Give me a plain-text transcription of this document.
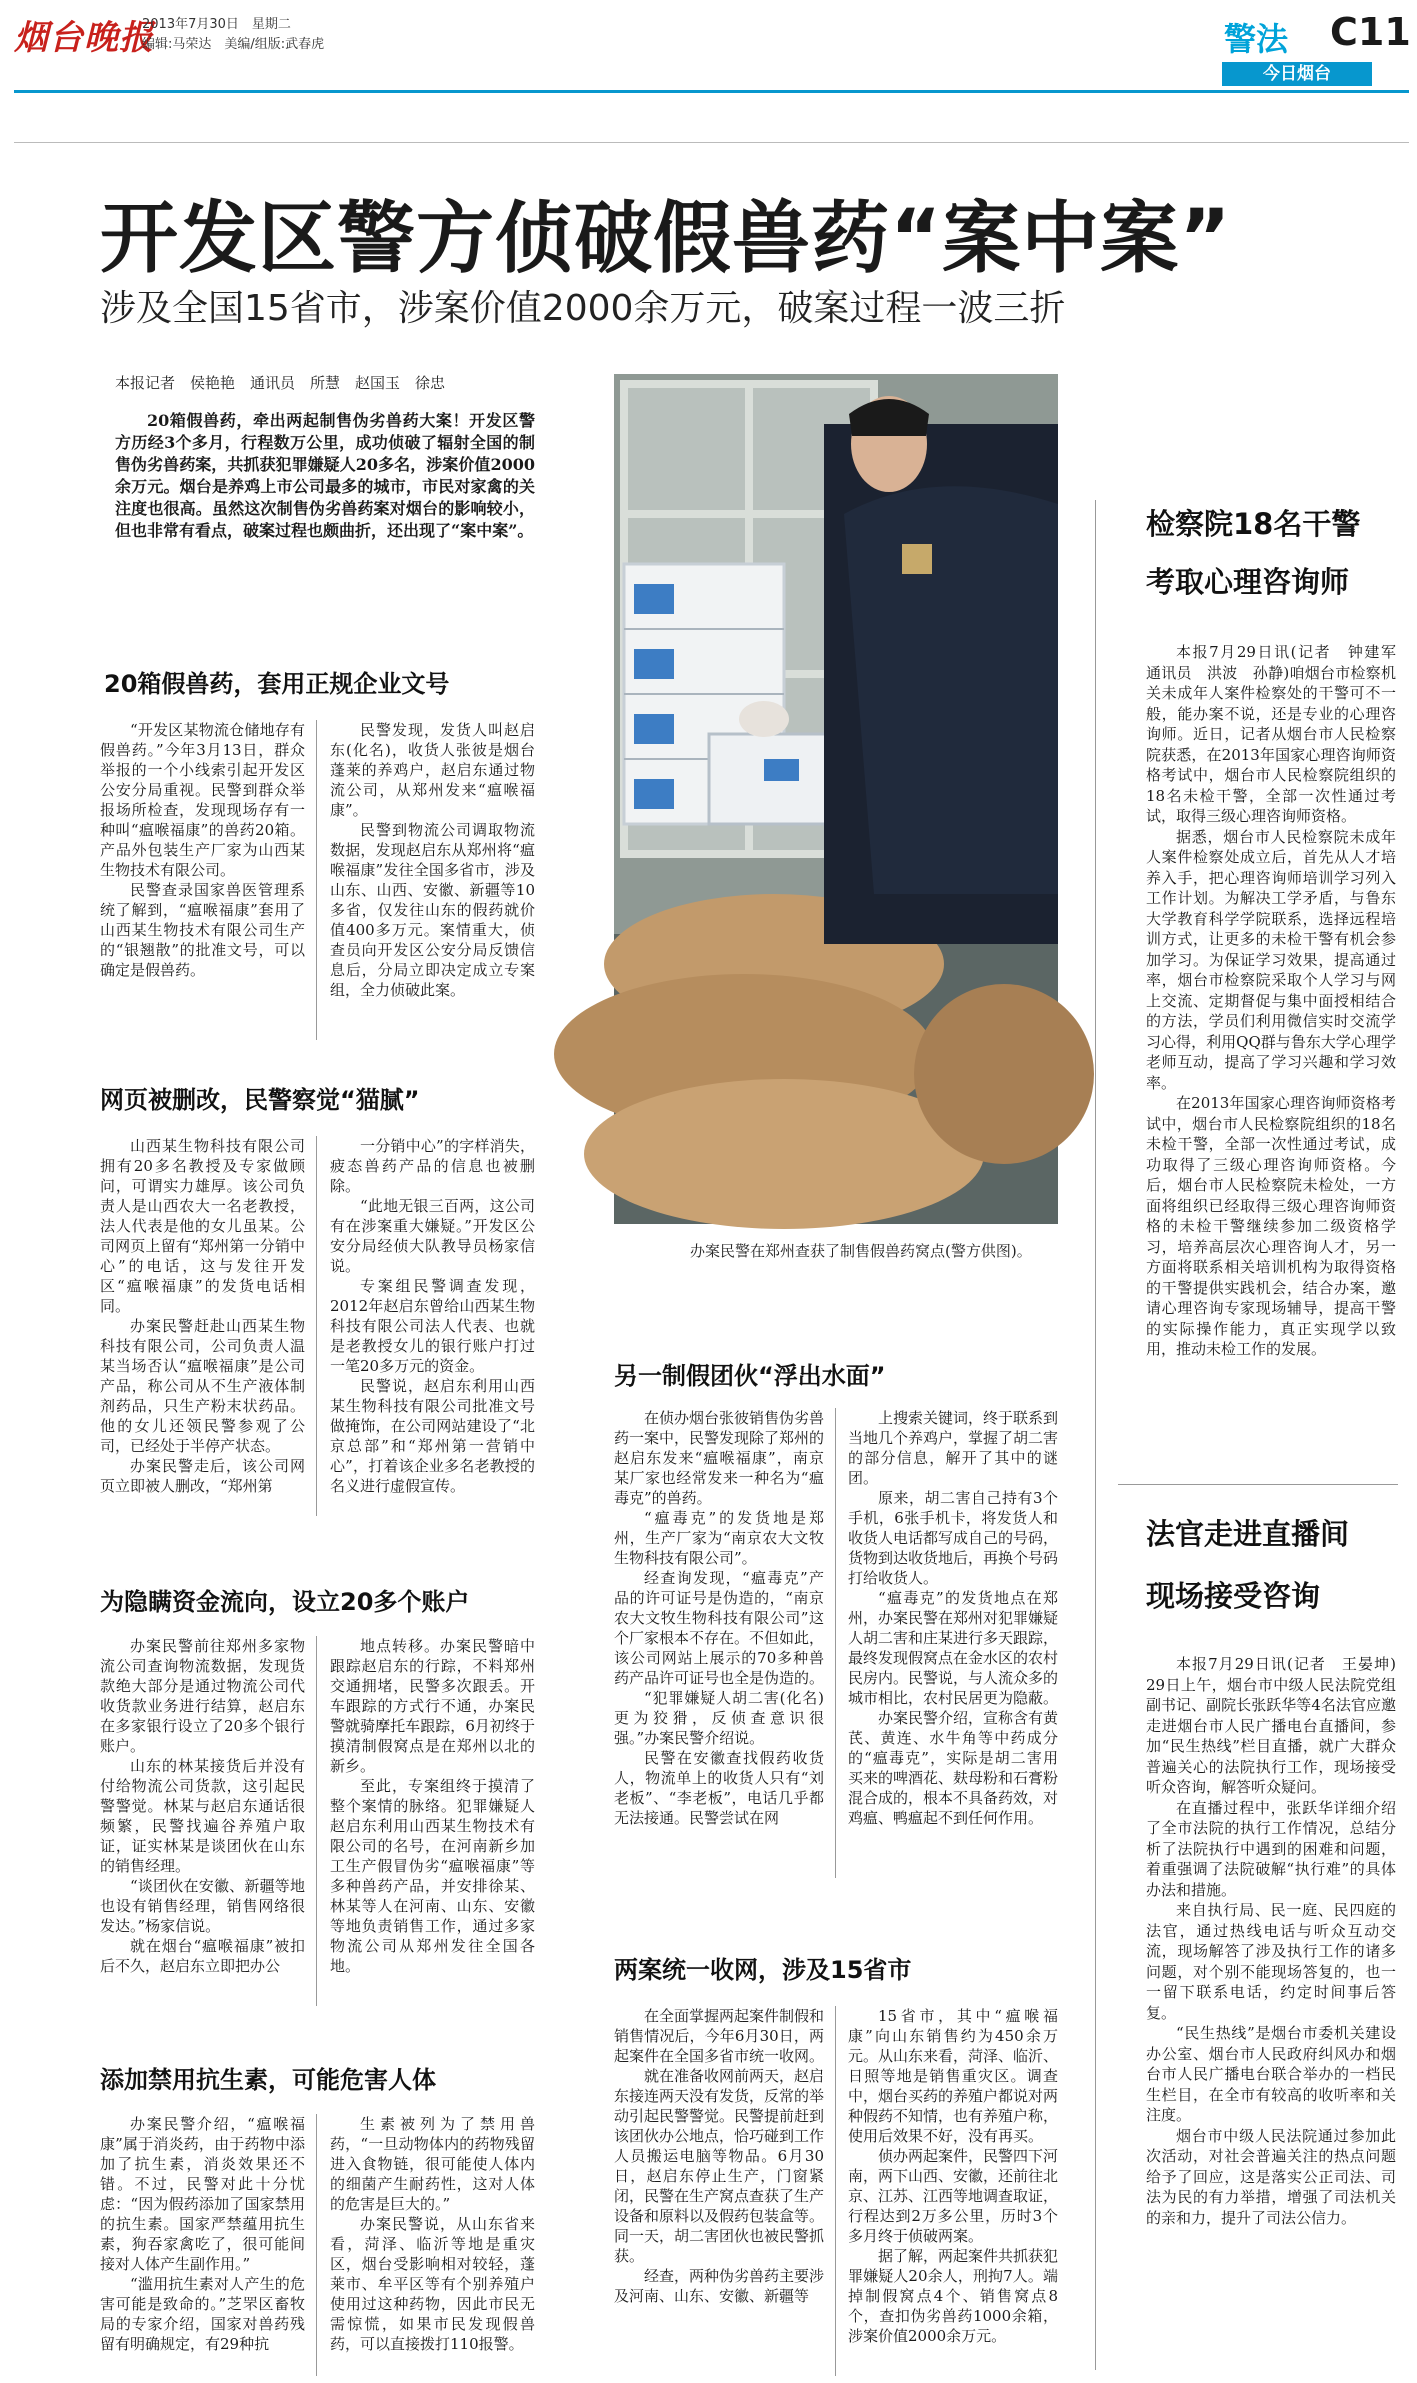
烟台晚报
2013年7月30日　星期二
编辑:马荣达　美编/组版:武春虎	警法 C11
今日烟台
开发区警方侦破假兽药“案中案”
涉及全国15省市，涉案价值2000余万元，破案过程一波三折
本报记者　侯艳艳　通讯员　所慧　赵国玉　徐忠
20箱假兽药，牵出两起制售伪劣兽药大案！开发区警方历经3个多月，行程数万公里，成功侦破了辐射全国的制售伪劣兽药案，共抓获犯罪嫌疑人20多名，涉案价值2000余万元。烟台是养鸡上市公司最多的城市，市民对家禽的关注度也很高。虽然这次制售伪劣兽药案对烟台的影响较小，但也非常有看点，破案过程也颇曲折，还出现了“案中案”。
办案民警在郑州查获了制售假兽药窝点(警方供图)。
20箱假兽药，套用正规企业文号

“开发区某物流仓储地存有假兽药。”今年3月13日，群众举报的一个小线索引起开发区公安分局重视。民警到群众举报场所检查，发现现场存有一种叫“瘟喉福康”的兽药20箱。产品外包装生产厂家为山西某生物技术有限公司。

民警查录国家兽医管理系统了解到，“瘟喉福康”套用了山西某生物技术有限公司生产的“银翘散”的批准文号，可以确定是假兽药。

民警发现，发货人叫赵启东(化名)，收货人张彼是烟台蓬莱的养鸡户，赵启东通过物流公司，从郑州发来“瘟喉福康”。

民警到物流公司调取物流数据，发现赵启东从郑州将“瘟喉福康”发往全国多省市，涉及山东、山西、安徽、新疆等10多省，仅发往山东的假药就价值400多万元。案情重大，侦查员向开发区公安分局反馈信息后，分局立即决定成立专案组，全力侦破此案。

网页被删改，民警察觉“猫腻”

山西某生物科技有限公司拥有20多名教授及专家做顾问，可谓实力雄厚。该公司负责人是山西农大一名老教授，法人代表是他的女儿虽某。公司网页上留有“郑州第一分销中心”的电话，这与发往开发区“瘟喉福康”的发货电话相同。

办案民警赶赴山西某生物科技有限公司，公司负责人温某当场否认“瘟喉福康”是公司产品，称公司从不生产液体制剂药品，只生产粉末状药品。他的女儿还领民警参观了公司，已经处于半停产状态。

办案民警走后，该公司网页立即被人删改，“郑州第

一分销中心”的字样消失，疲态兽药产品的信息也被删除。

“此地无银三百两，这公司有在涉案重大嫌疑。”开发区公安分局经侦大队教导员杨家信说。

专案组民警调查发现，2012年赵启东曾给山西某生物科技有限公司法人代表、也就是老教授女儿的银行账户打过一笔20多万元的资金。

民警说，赵启东利用山西某生物科技有限公司批准文号做掩饰，在公司网站建设了“北京总部”和“郑州第一营销中心”，打着该企业多名老教授的名义进行虚假宣传。

为隐瞒资金流向，设立20多个账户

办案民警前往郑州多家物流公司查询物流数据，发现货款绝大部分是通过物流公司代收货款业务进行结算，赵启东在多家银行设立了20多个银行账户。

山东的林某接货后并没有付给物流公司货款，这引起民警警觉。林某与赵启东通话很频繁，民警找遍谷养殖户取证，证实林某是谈团伙在山东的销售经理。

“谈团伙在安徽、新疆等地也设有销售经理，销售网络很发达。”杨家信说。

就在烟台“瘟喉福康”被扣后不久，赵启东立即把办公

地点转移。办案民警暗中跟踪赵启东的行踪，不料郑州交通拥堵，民警多次跟丢。开车跟踪的方式行不通，办案民警就骑摩托车跟踪，6月初终于摸清制假窝点是在郑州以北的新乡。

至此，专案组终于摸清了整个案情的脉络。犯罪嫌疑人赵启东利用山西某生物技术有限公司的名号，在河南新乡加工生产假冒伪劣“瘟喉福康”等多种兽药产品，并安排徐某、林某等人在河南、山东、安徽等地负责销售工作，通过多家物流公司从郑州发往全国各地。

添加禁用抗生素，可能危害人体

办案民警介绍，“瘟喉福康”属于消炎药，由于药物中添加了抗生素，消炎效果还不错。不过，民警对此十分忧虑：“因为假药添加了国家禁用的抗生素。国家严禁蕴用抗生素，狗吞家禽吃了，很可能间接对人体产生副作用。”

“滥用抗生素对人产生的危害可能是致命的。”芝罘区畜牧局的专家介绍，国家对兽药残留有明确规定，有29种抗

生素被列为了禁用兽药，“一旦动物体内的药物残留进入食物链，很可能使人体内的细菌产生耐药性，这对人体的危害是巨大的。”

办案民警说，从山东省来看，菏泽、临沂等地是重灾区，烟台受影响相对较轻，蓬莱市、牟平区等有个别养殖户使用过这种药物，因此市民无需惊慌，如果市民发现假兽药，可以直接拨打110报警。

另一制假团伙“浮出水面”

在侦办烟台张彼销售伪劣兽药一案中，民警发现除了郑州的赵启东发来“瘟喉福康”，南京某厂家也经常发来一种名为“瘟毒克”的兽药。

“瘟毒克”的发货地是郑州，生产厂家为“南京农大文牧生物科技有限公司”。

经查询发现，“瘟毒克”产品的许可证号是伪造的，“南京农大文牧生物科技有限公司”这个厂家根本不存在。不但如此，该公司网站上展示的70多种兽药产品许可证号也全是伪造的。

“犯罪嫌疑人胡二害(化名)更为狡猾，反侦查意识很强。”办案民警介绍说。

民警在安徽查找假药收货人，物流单上的收货人只有“刘老板”、“李老板”，电话几乎都无法接通。民警尝试在网

上搜索关键词，终于联系到当地几个养鸡户，掌握了胡二害的部分信息，解开了其中的谜团。

原来，胡二害自己持有3个手机，6张手机卡，将发货人和收货人电话都写成自己的号码，货物到达收货地后，再换个号码打给收货人。

“瘟毒克”的发货地点在郑州，办案民警在郑州对犯罪嫌疑人胡二害和庄某进行多天跟踪，最终发现假窝点在金水区的农村民房内。民警说，与人流众多的城市相比，农村民居更为隐蔽。

办案民警介绍，宣称含有黄芪、黄连、水牛角等中药成分的“瘟毒克”，实际是胡二害用买来的啤酒花、麸母粉和石膏粉混合成的，根本不具备药效，对鸡瘟、鸭瘟起不到任何作用。

两案统一收网，涉及15省市

在全面掌握两起案件制假和销售情况后，今年6月30日，两起案件在全国多省市统一收网。

就在准备收网前两天，赵启东接连两天没有发货，反常的举动引起民警警觉。民警提前赶到该团伙办公地点，恰巧碰到工作人员搬运电脑等物品。6月30日，赵启东停止生产，门窗紧闭，民警在生产窝点查获了生产设备和原料以及假药包装盒等。同一天，胡二害团伙也被民警抓获。

经查，两种伪劣兽药主要涉及河南、山东、安徽、新疆等

15省市，其中“瘟喉福康”向山东销售约为450余万元。从山东来看，菏泽、临沂、日照等地是销售重灾区。调查中，烟台买药的养殖户都说对两种假药不知情，也有养殖户称，使用后效果不好，没有再买。

侦办两起案件，民警四下河南，两下山西、安徽，还前往北京、江苏、江西等地调查取证，行程达到2万多公里，历时3个多月终于侦破两案。

据了解，两起案件共抓获犯罪嫌疑人20余人，刑拘7人。端掉制假窝点4个、销售窝点8个，查扣伪劣兽药1000余箱，涉案价值2000余万元。

检察院18名干警
考取心理咨询师

本报7月29日讯(记者　钟建军　通讯员　洪波　孙静)咱烟台市检察机关未成年人案件检察处的干警可不一般，能办案不说，还是专业的心理咨询师。近日，记者从烟台市人民检察院获悉，在2013年国家心理咨询师资格考试中，烟台市人民检察院组织的18名未检干警，全部一次性通过考试，取得三级心理咨询师资格。

据悉，烟台市人民检察院未成年人案件检察处成立后，首先从人才培养入手，把心理咨询师培训学习列入工作计划。为解决工学矛盾，与鲁东大学教育科学学院联系，选择远程培训方式，让更多的未检干警有机会参加学习。为保证学习效果，提高通过率，烟台市检察院采取个人学习与网上交流、定期督促与集中面授相结合的方法，学员们利用微信实时交流学习心得，利用QQ群与鲁东大学心理学老师互动，提高了学习兴趣和学习效率。

在2013年国家心理咨询师资格考试中，烟台市人民检察院组织的18名未检干警，全部一次性通过考试，成功取得了三级心理咨询师资格。今后，烟台市人民检察院未检处，一方面将组织已经取得三级心理咨询师资格的未检干警继续参加二级资格学习，培养高层次心理咨询人才，另一方面将联系相关培训机构为取得资格的干警提供实践机会，结合办案，邀请心理咨询专家现场辅导，提高干警的实际操作能力，真正实现学以致用，推动未检工作的发展。

法官走进直播间
现场接受咨询

本报7月29日讯(记者　王晏坤)　29日上午，烟台市中级人民法院党组副书记、副院长张跃华等4名法官应邀走进烟台市人民广播电台直播间，参加“民生热线”栏目直播，就广大群众普遍关心的法院执行工作，现场接受听众咨询，解答听众疑问。

在直播过程中，张跃华详细介绍了全市法院的执行工作情况，总结分析了法院执行中遇到的困难和问题，着重强调了法院破解“执行难”的具体办法和措施。

来自执行局、民一庭、民四庭的法官，通过热线电话与听众互动交流，现场解答了涉及执行工作的诸多问题，对个别不能现场答复的，也一一留下联系电话，约定时间事后答复。

“民生热线”是烟台市委机关建设办公室、烟台市人民政府纠风办和烟台市人民广播电台联合举办的一档民生栏目，在全市有较高的收听率和关注度。

烟台市中级人民法院通过参加此次活动，对社会普遍关注的热点问题给予了回应，这是落实公正司法、司法为民的有力举措，增强了司法机关的亲和力，提升了司法公信力。
